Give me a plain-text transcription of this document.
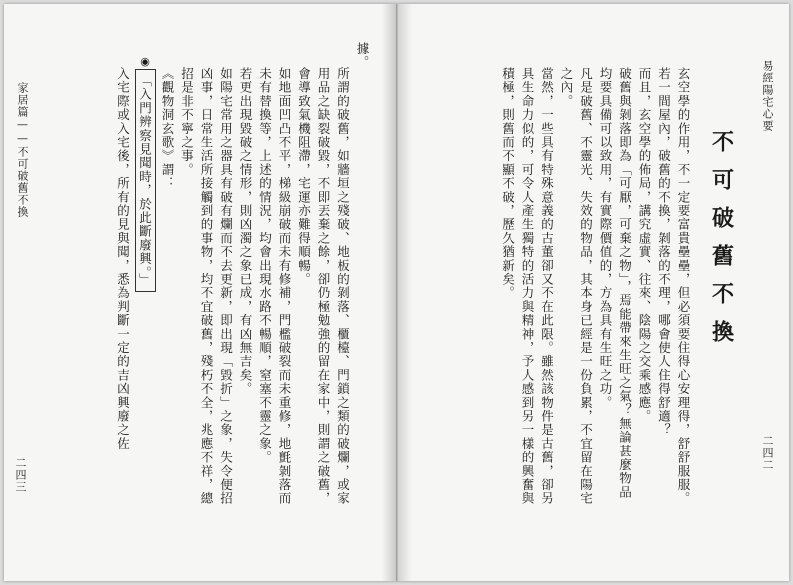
家居篇——不可破舊不換
二四三

據。

所謂的破舊，如牆垣之殘破、地板的剝落、櫃檯、門鎖之類的破爛，或家用品之缺裂破毀，不即丟棄之餘，卻仍極勉強的留在家中，則謂之破舊，會導致氣機阻滯，宅運亦難得順暢。

如地面凹凸不平，梯級崩破而未有修補，門檻破裂而未重修，地氈剝落而未有替換等，上述的情況，均會出現水路不暢順，窒塞不靈之象。

若更出現毀破之情形，則凶濁之象已成，有凶無吉矣。

如陽宅常用之器具有破有爛而不去更新，即出現「毀折」之象，失令便招凶事，日常生活所接觸到的事物，均不宜破舊，殘朽不全，兆應不祥，總招是非不寧之事。

《觀物洞玄歌》謂：

◉「入門辨察見聞時，於此斷廢興。」

入宅際或入宅後，所有的見與聞，悉為判斷一定的吉凶興廢之佐	易經陽宅心要
二四二
不可破舊不換

玄空學的作用，不一定要富貴壘壘，但必須要住得心安理得，舒舒服服。

若一間屋內，破舊的不換，剝落的不理，哪會使人住得舒適？

而且，玄空學的佈局，講究虛實、往來、陰陽之交乘感應。

破舊與剝落即為「可厭，可棄之物」，焉能帶來生旺之氣？無論甚麼物品均要具備可以致用，有實際價值的，方為具有生旺之功。

凡是破舊、不靈光、失效的物品，其本身已經是一份負累，不宜留在陽宅之內。

當然，一些具有特殊意義的古董卻又不在此限。雖然該物件是古舊，卻另具生命力似的，可令人產生獨特的活力與精神，予人感到另一樣的興奮與積極，則舊而不顯不破，歷久猶新矣。
